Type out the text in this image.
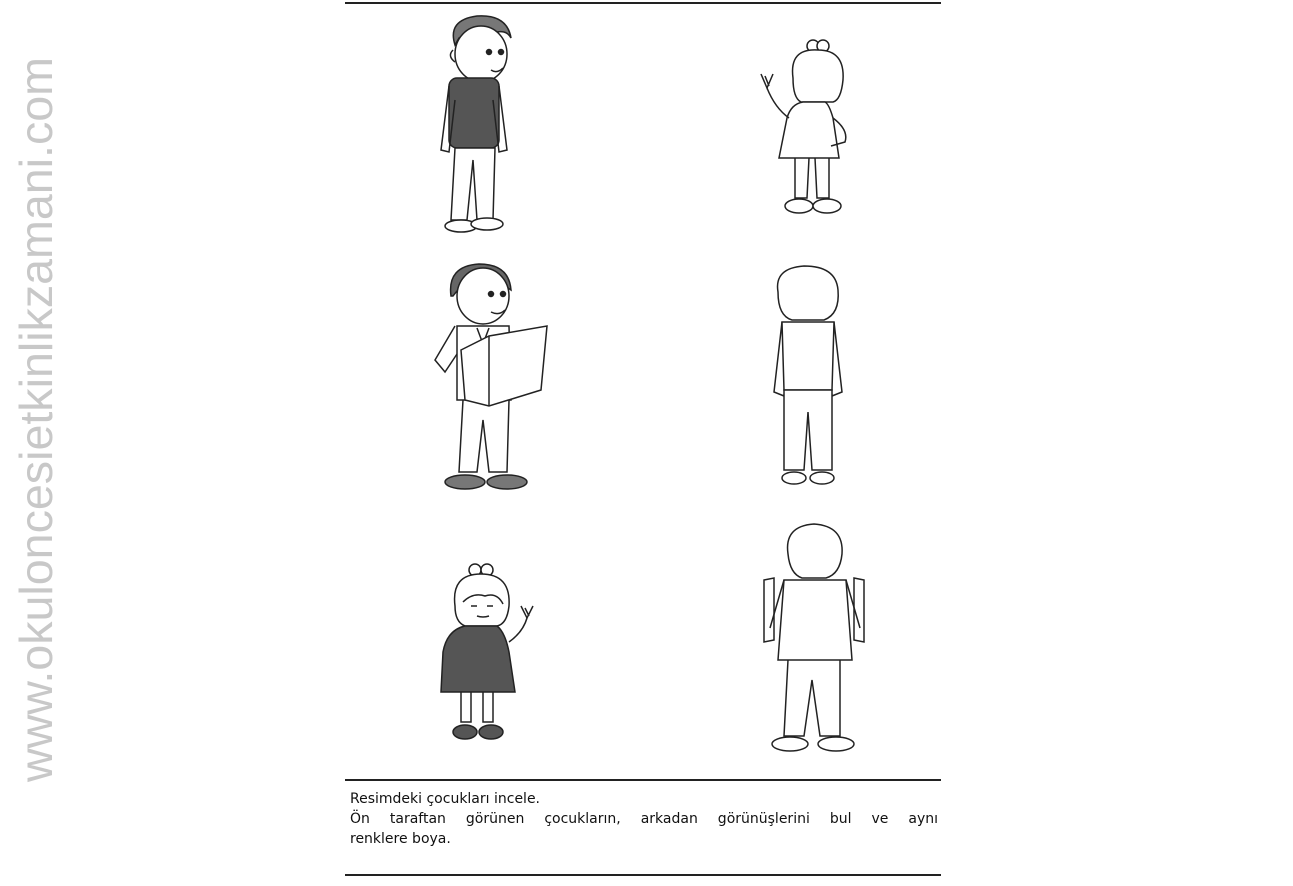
www.okuloncesietkinlikzamani.com
Resimdeki çocukları incele.
Ön taraftan görünen çocukların, arkadan görünüşlerini bul ve aynı
renklere boya.
